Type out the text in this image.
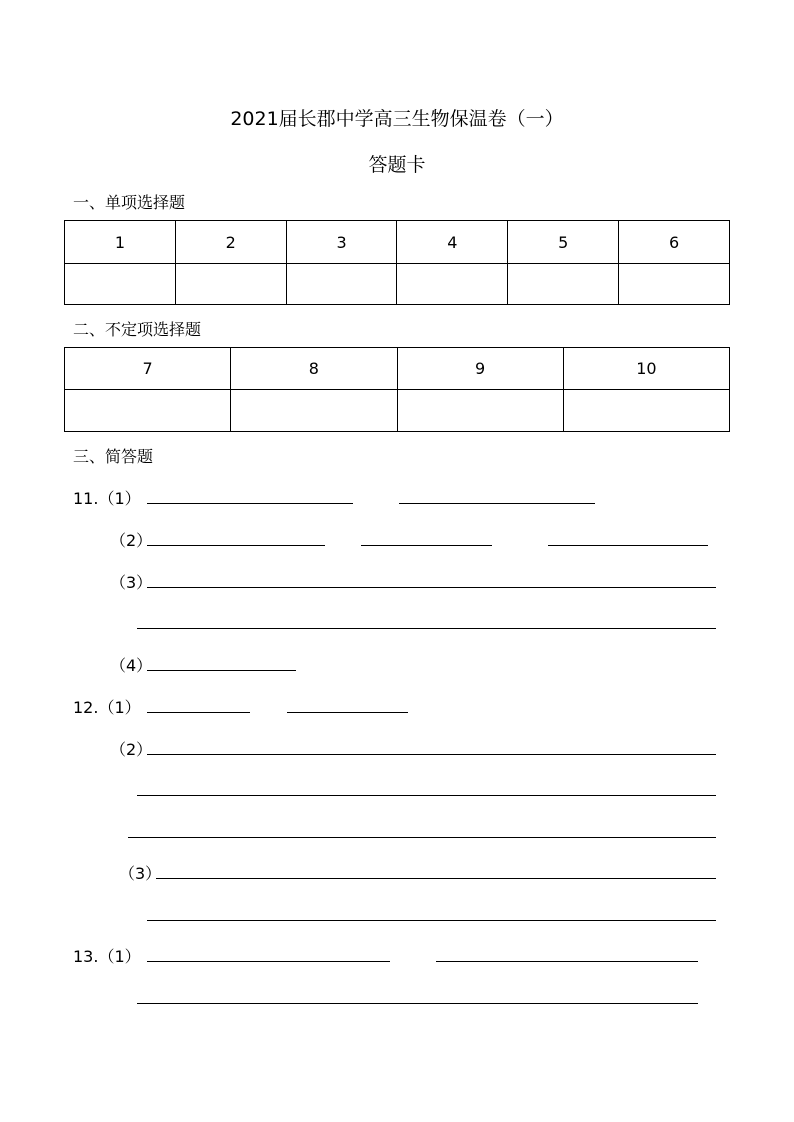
2021届长郡中学高三生物保温卷（一）
答题卡
一、单项选择题
1	2	3	4	5	6

二、不定项选择题
7	8	9	10

三、简答题
11.（1）
（2）
（3）
（4）
12.（1）
（2）
（3）
13.（1）
